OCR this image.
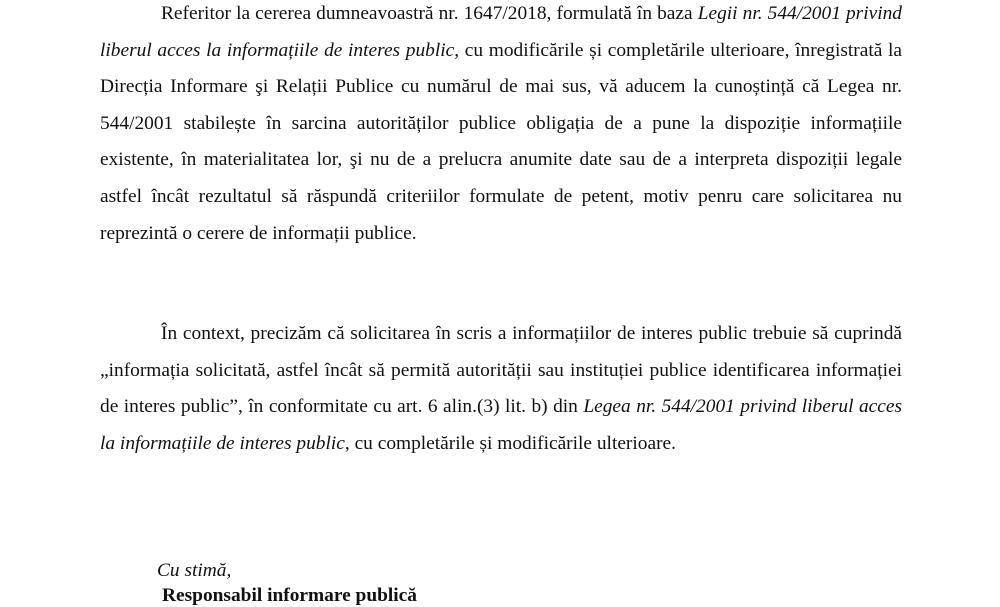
Referitor la cererea dumneavoastră nr. 1647/2018, formulată în baza Legii nr. 544/2001 privind liberul acces la informațiile de interes public, cu modificările și completările ulterioare, înregistrată la Direcția Informare şi Relații Publice cu numărul de mai sus, vă aducem la cunoștință că Legea nr. 544/2001 stabilește în sarcina autorităților publice obligația de a pune la dispoziție informațiile existente, în materialitatea lor, şi nu de a prelucra anumite date sau de a interpreta dispoziții legale astfel încât rezultatul să răspundă criteriilor formulate de petent, motiv penru care solicitarea nu reprezintă o cerere de informații publice.

În context, precizăm că solicitarea în scris a informațiilor de interes public trebuie să cuprindă „informația solicitată, astfel încât să permită autorității sau instituției publice identificarea informației de interes public”, în conformitate cu art. 6 alin.(3) lit. b) din Legea nr. 544/2001 privind liberul acces la informațiile de interes public, cu completările și modificările ulterioare.

Cu stimă,

Responsabil informare publică
